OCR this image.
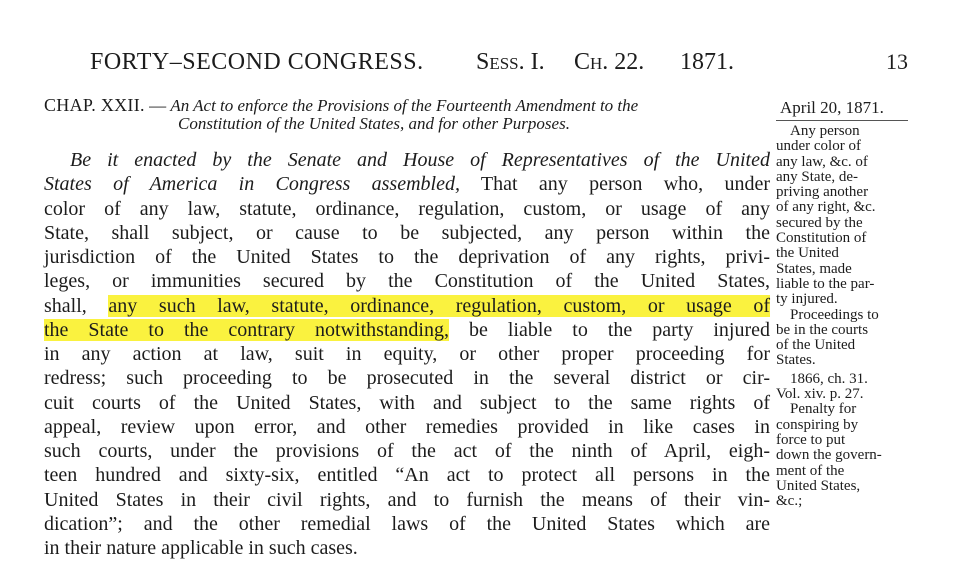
FORTY–SECOND CONGRESS. Sess. I. Ch. 22. 1871.	13
CHAP. XXII. — An Act to enforce the Provisions of the Fourteenth Amendment to the
Constitution of the United States, and for other Purposes.
Be it enacted by the Senate and House of Representatives of the United
States of America in Congress assembled, That any person who, under
color of any law, statute, ordinance, regulation, custom, or usage of any
State, shall subject, or cause to be subjected, any person within the
jurisdiction of the United States to the deprivation of any rights, privi-
leges, or immunities secured by the Constitution of the United States,
shall, any such law, statute, ordinance, regulation, custom, or usage of
the State to the contrary notwithstanding, be liable to the party injured
in any action at law, suit in equity, or other proper proceeding for
redress; such proceeding to be prosecuted in the several district or cir-
cuit courts of the United States, with and subject to the same rights of
appeal, review upon error, and other remedies provided in like cases in
such courts, under the provisions of the act of the ninth of April, eigh-
teen hundred and sixty-six, entitled “An act to protect all persons in the
United States in their civil rights, and to furnish the means of their vin-
dication”; and the other remedial laws of the United States which are
in their nature applicable in such cases.
April 20, 1871.
Any person
under color of
any law, &c. of
any State, de-
priving another
of any right, &c.
secured by the
Constitution of
the United
States, made
liable to the par-
ty injured.
Proceedings to
be in the courts
of the United
States.
1866, ch. 31.
Vol. xiv. p. 27.
Penalty for
conspiring by
force to put
down the govern-
ment of the
United States,
&c.;
